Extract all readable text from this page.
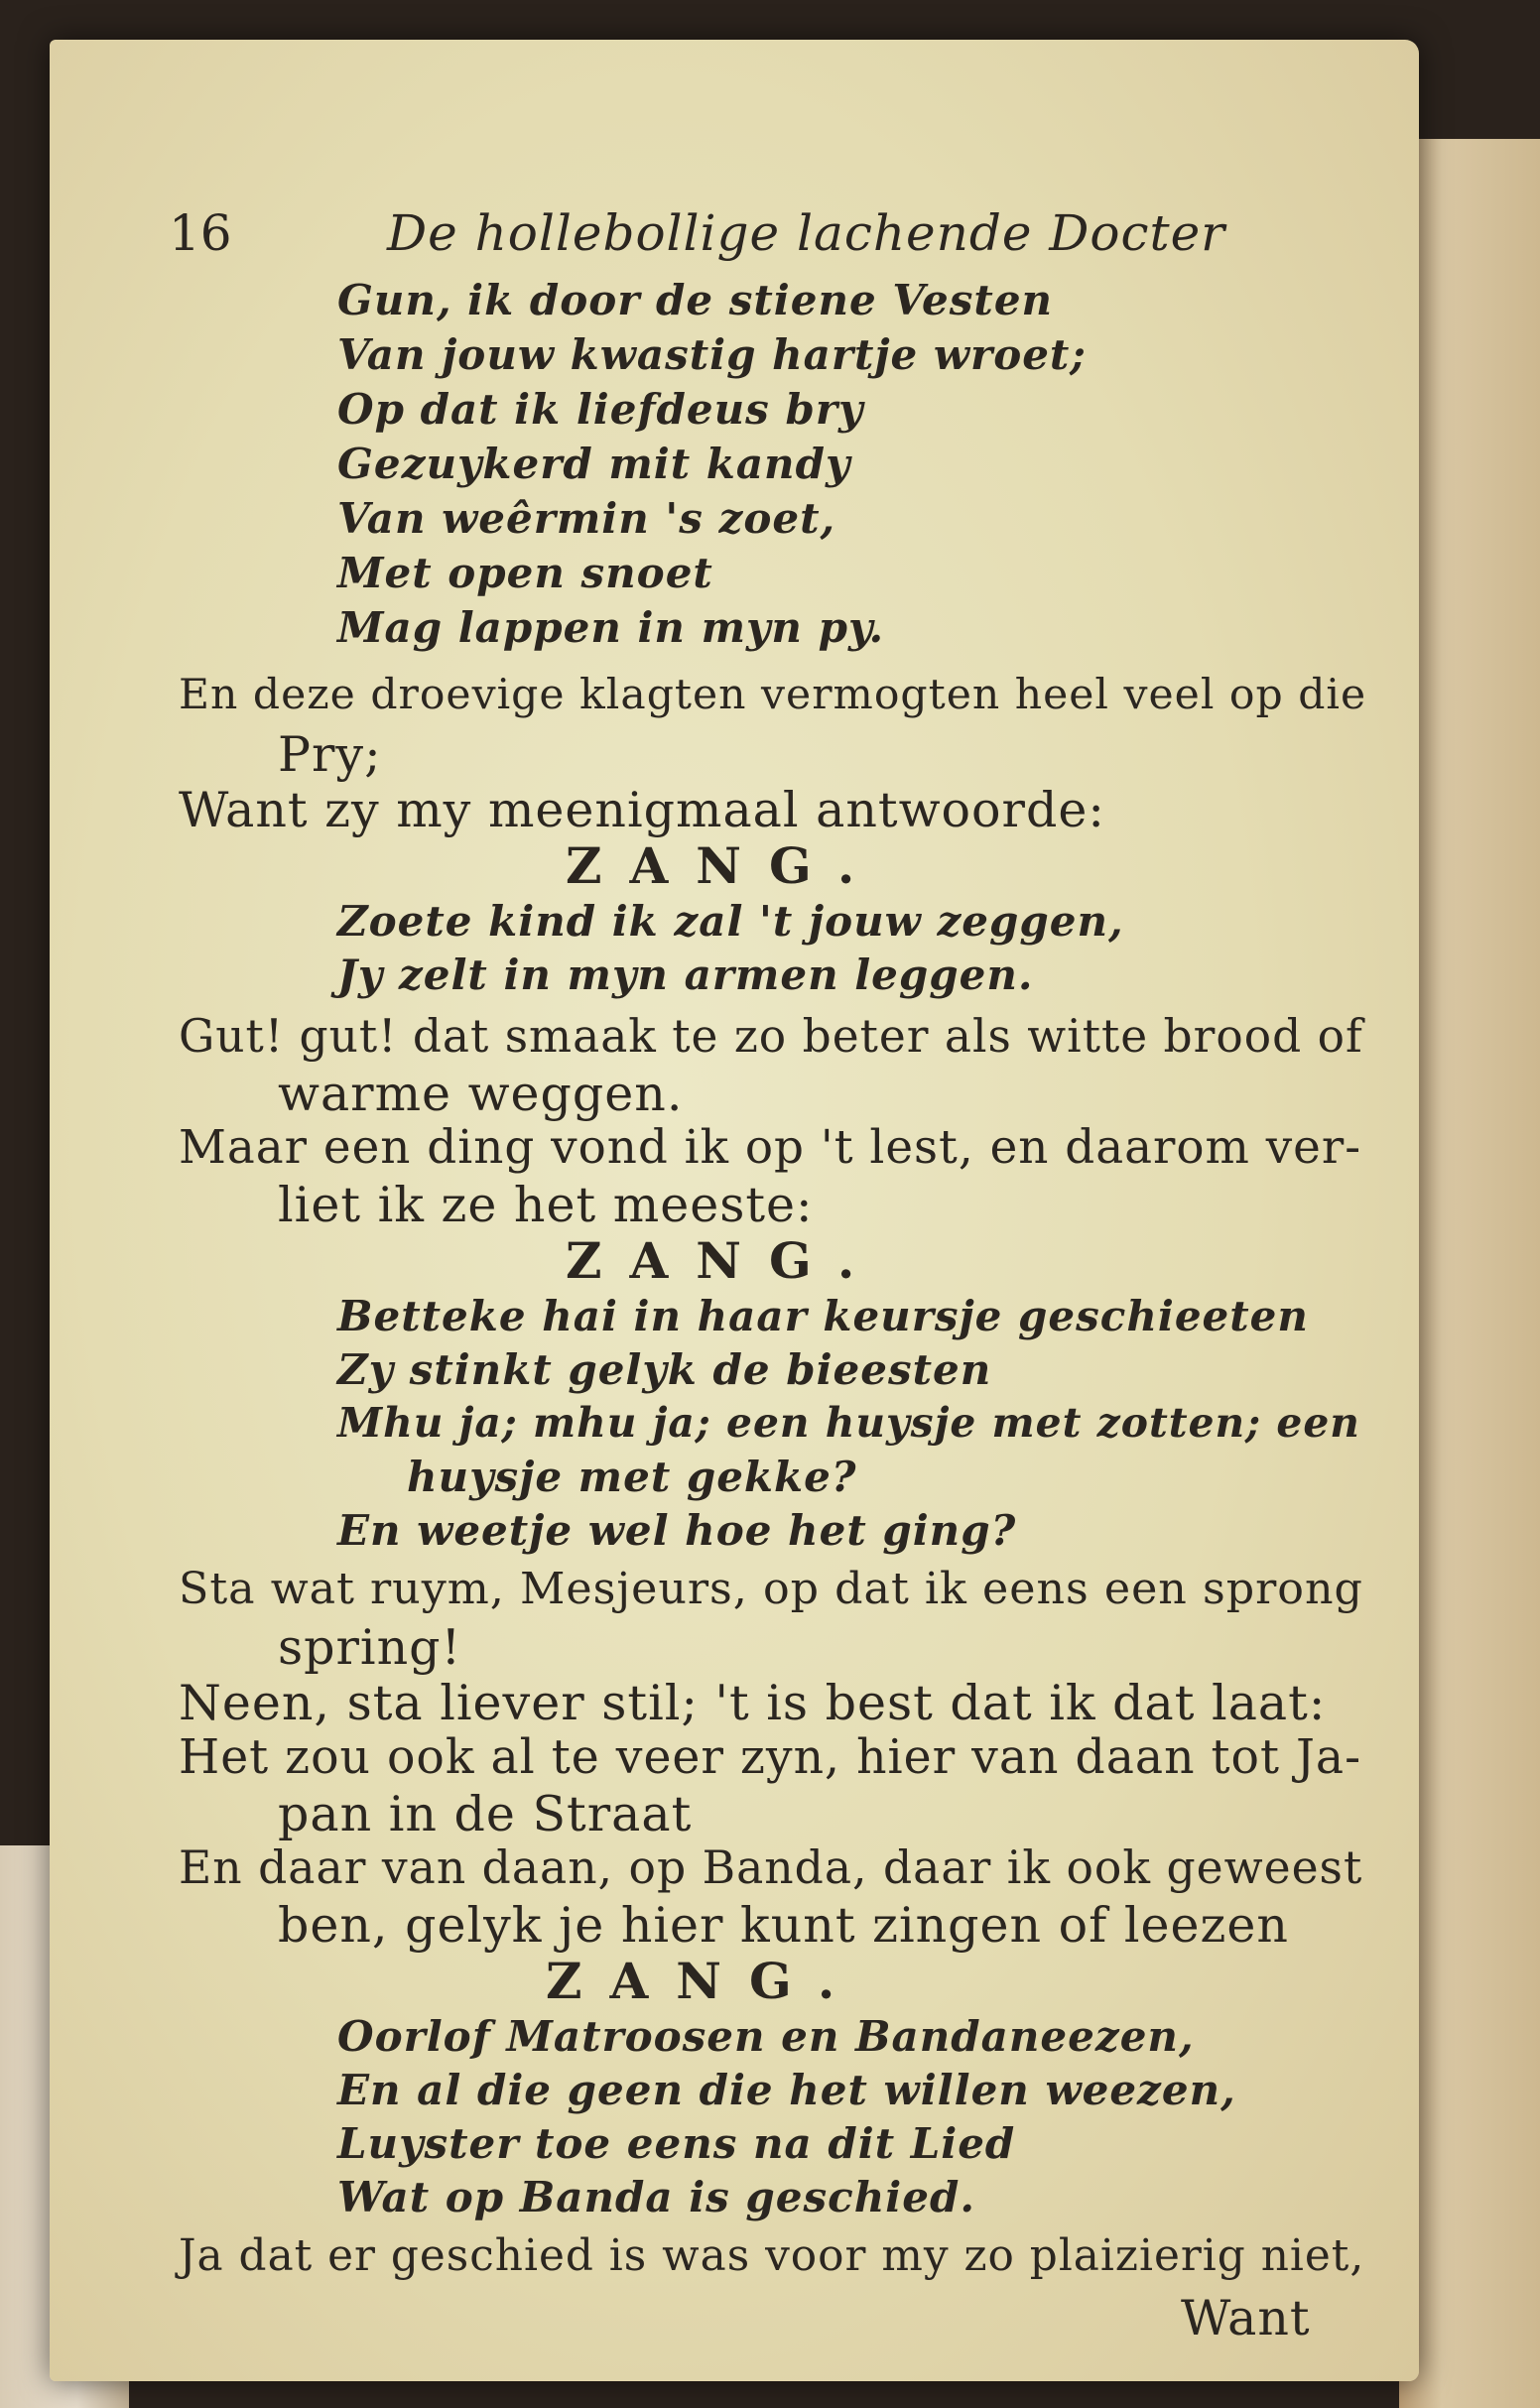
16	De hollebollige lachende Docter
Gun, ik door de stiene Vesten
Van jouw kwastig hartje wroet;
Op dat ik liefdeus bry
Gezuykerd mit kandy
Van weêrmin 's zoet,
Met open snoet
Mag lappen in myn py.
En deze droevige klagten vermogten heel veel op die
Pry;
Want zy my meenigmaal antwoorde:
ZANG.
Zoete kind ik zal 't jouw zeggen,
Jy zelt in myn armen leggen.
Gut! gut! dat smaak te zo beter als witte brood of
warme weggen.
Maar een ding vond ik op 't lest, en daarom ver-
liet ik ze het meeste:
ZANG.
Betteke hai in haar keursje geschieeten
Zy stinkt gelyk de bieesten
Mhu ja; mhu ja; een huysje met zotten; een
huysje met gekke?
En weetje wel hoe het ging?
Sta wat ruym, Mesjeurs, op dat ik eens een sprong
spring!
Neen, sta liever stil; 't is best dat ik dat laat:
Het zou ook al te veer zyn, hier van daan tot Ja-
pan in de Straat
En daar van daan, op Banda, daar ik ook geweest
ben, gelyk je hier kunt zingen of leezen
ZANG.
Oorlof Matroosen en Bandaneezen,
En al die geen die het willen weezen,
Luyster toe eens na dit Lied
Wat op Banda is geschied.
Ja dat er geschied is was voor my zo plaizierig niet,
Want
